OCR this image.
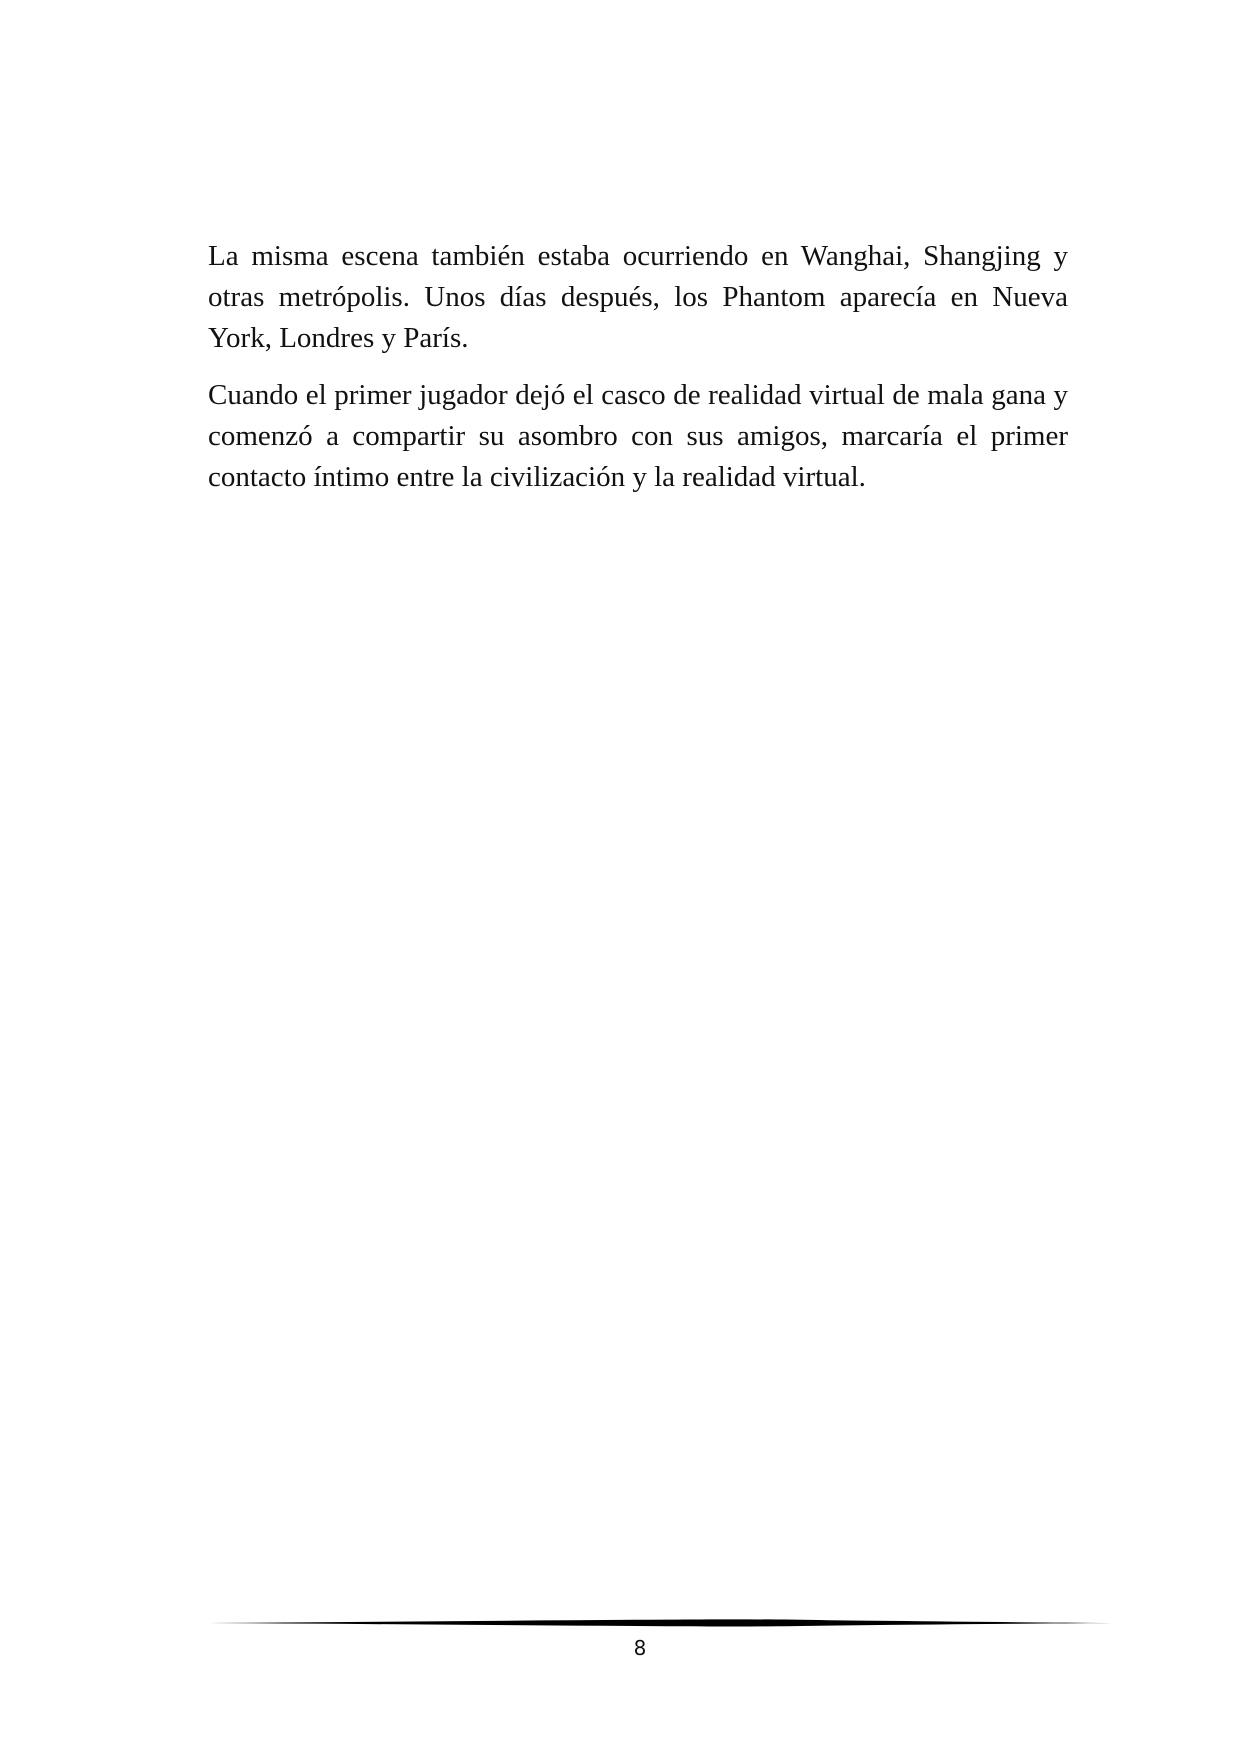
La misma escena también estaba ocurriendo en Wanghai, Shangjing y otras metrópolis. Unos días después, los Phantom aparecía en Nueva York, Londres y París.

Cuando el primer jugador dejó el casco de realidad virtual de mala gana y comenzó a compartir su asombro con sus amigos, marcaría el primer contacto íntimo entre la civilización y la realidad virtual.

8
